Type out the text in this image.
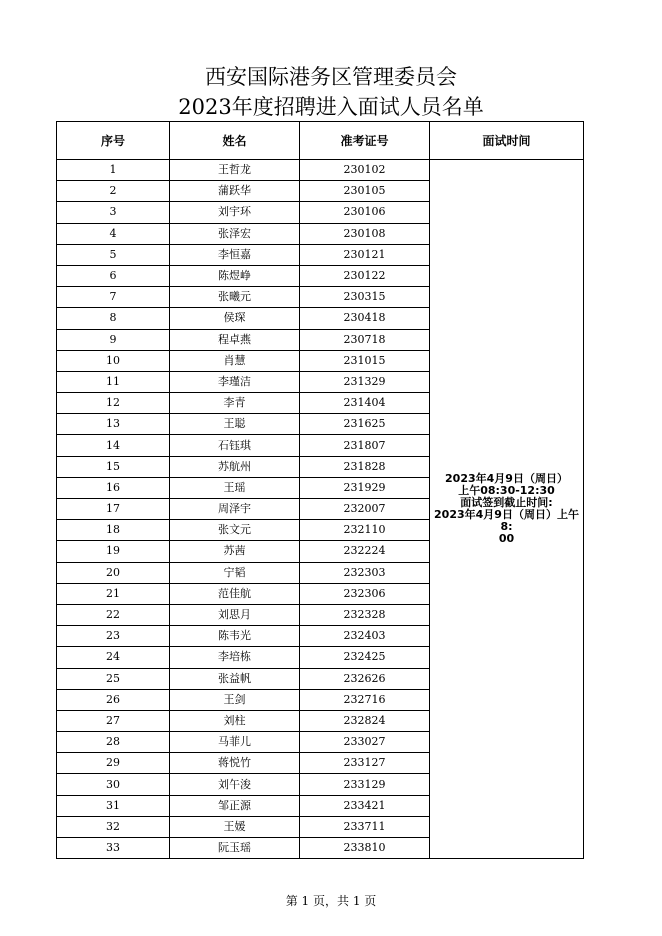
西安国际港务区管理委员会
2023年度招聘进入面试人员名单
序号	姓名	准考证号	面试时间
1	王哲龙	230102	2023年4月9日（周日）
上午08:30-12:30
面试签到截止时间:
2023年4月9日（周日）上午8:
00
2	蒲跃华	230105	
3	刘宇环	230106	
4	张泽宏	230108	
5	李恒嘉	230121	
6	陈煜峥	230122	
7	张曦元	230315	
8	侯琛	230418	
9	程卓燕	230718	
10	肖慧	231015	
11	李瑾洁	231329	
12	李青	231404	
13	王聪	231625	
14	石钰琪	231807	
15	苏航州	231828	
16	王瑶	231929	
17	周泽宇	232007	
18	张文元	232110	
19	苏茜	232224	
20	宁韬	232303	
21	范佳航	232306	
22	刘思月	232328	
23	陈韦光	232403	
24	李培栋	232425	
25	张益帆	232626	
26	王剑	232716	
27	刘柱	232824	
28	马菲儿	233027	
29	蒋悦竹	233127	
30	刘午浚	233129	
31	邹正源	233421	
32	王媛	233711	
33	阮玉瑶	233810	
第 1 页，共 1 页
